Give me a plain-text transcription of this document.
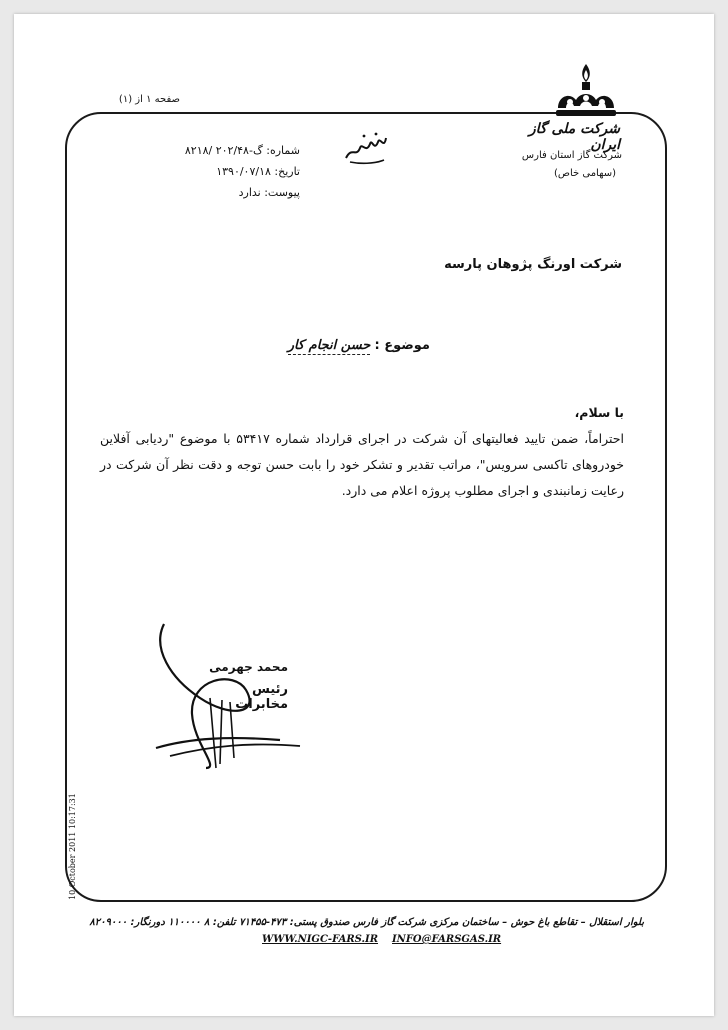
صفحه ۱ از (۱)
شرکت ملی گاز ایران
شرکت گاز استان فارس
(سهامی خاص)
شماره: گ-۲۰۲/۴۸ /۸۲۱۸
تاریخ: ۱۳۹۰/۰۷/۱۸
پیوست: ندارد
شرکت اورنگ پژوهان پارسه
موضوع : حسن انجام کار
با سلام،
احتراماً، ضمن تایید فعالیتهای آن شرکت در اجرای قرارداد شماره ۵۳۴۱۷ با موضوع "ردیابی آفلاین خودروهای تاکسی سرویس"، مراتب تقدیر و تشکر خود را بابت حسن توجه و دقت نظر آن شرکت در رعایت زمانبندی و اجرای مطلوب پروژه اعلام می دارد.
محمد جهرمی
رئیس مخابرات
10 October 2011 10:17:31
بلوار استقلال – تقاطع باغ حوش – ساختمان مرکزی شرکت گاز فارس صندوق پستی: ۴۷۳-۷۱۴۵۵ تلفن: ۸ ۱۱۰۰۰۰ دورنگار: ۸۲۰۹۰۰۰
WWW.NIGC-FARS.IR INFO@FARSGAS.IR
